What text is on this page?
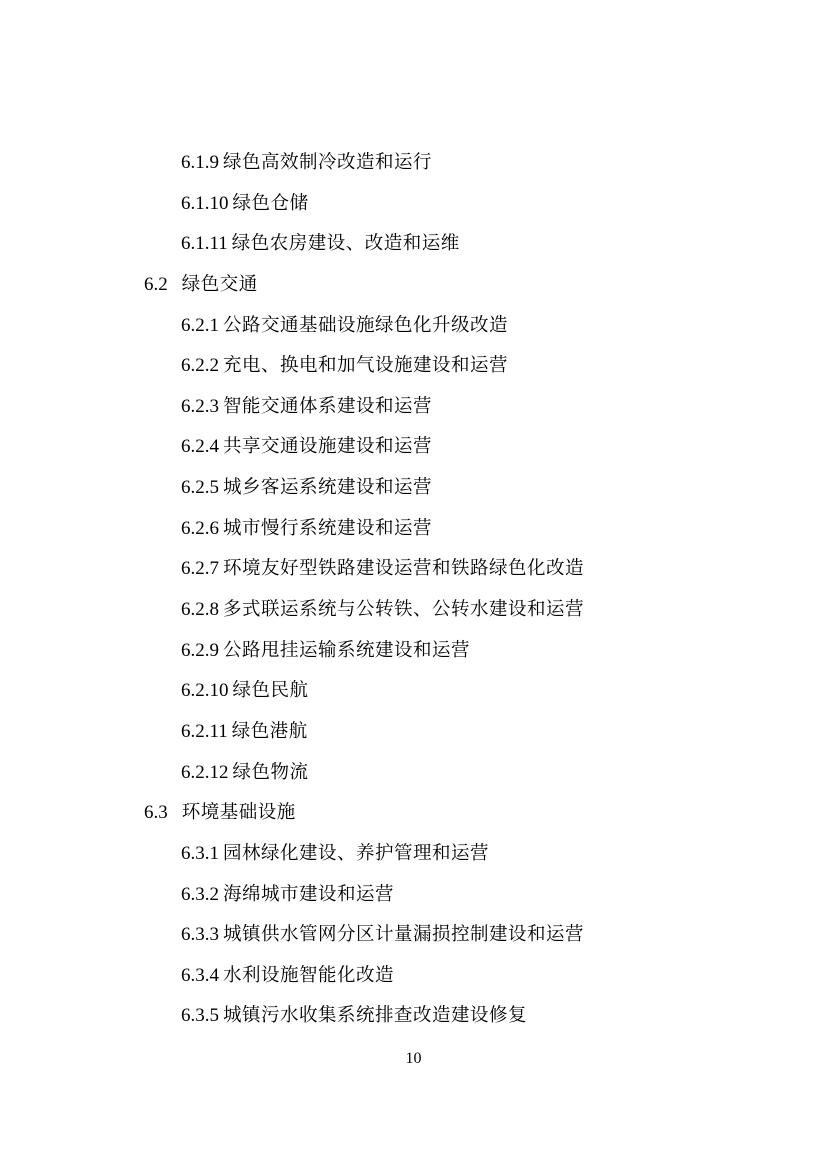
6.1.9 绿色高效制冷改造和运行
6.1.10 绿色仓储
6.1.11 绿色农房建设、改造和运维
6.2 绿色交通
6.2.1 公路交通基础设施绿色化升级改造
6.2.2 充电、换电和加气设施建设和运营
6.2.3 智能交通体系建设和运营
6.2.4 共享交通设施建设和运营
6.2.5 城乡客运系统建设和运营
6.2.6 城市慢行系统建设和运营
6.2.7 环境友好型铁路建设运营和铁路绿色化改造
6.2.8 多式联运系统与公转铁、公转水建设和运营
6.2.9 公路甩挂运输系统建设和运营
6.2.10 绿色民航
6.2.11 绿色港航
6.2.12 绿色物流
6.3 环境基础设施
6.3.1 园林绿化建设、养护管理和运营
6.3.2 海绵城市建设和运营
6.3.3 城镇供水管网分区计量漏损控制建设和运营
6.3.4 水利设施智能化改造
6.3.5 城镇污水收集系统排查改造建设修复
10
